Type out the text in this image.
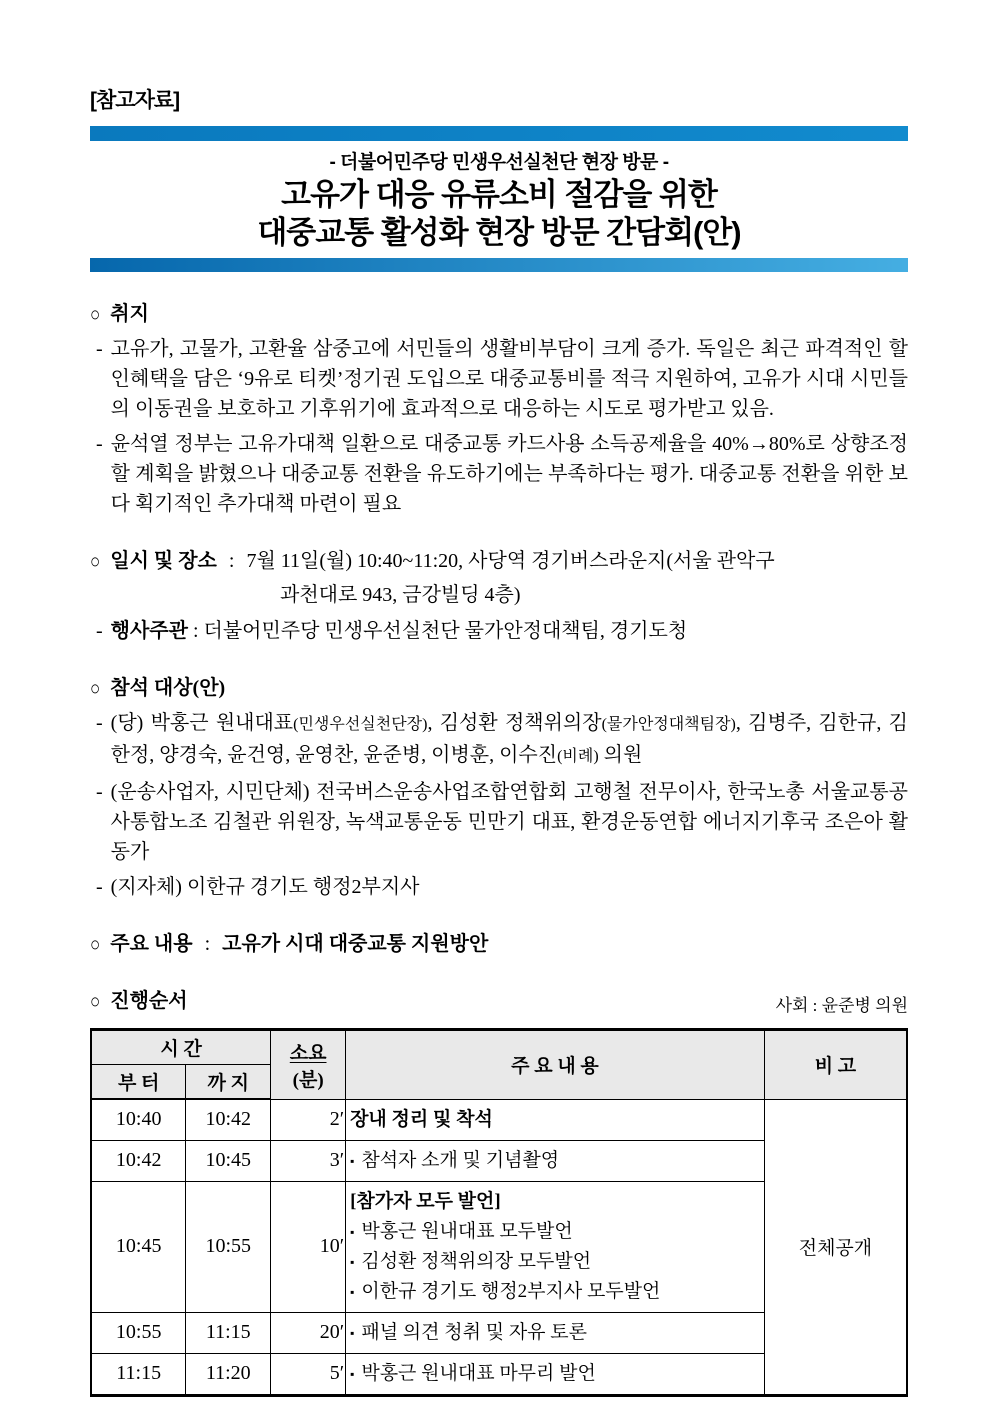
[참고자료]
- 더불어민주당 민생우선실천단 현장 방문 -
고유가 대응 유류소비 절감을 위한
대중교통 활성화 현장 방문 간담회(안)
○ 취지
- 고유가, 고물가, 고환율 삼중고에 서민들의 생활비부담이 크게 증가. 독일은 최근 파격적인 할인혜택을 담은 ‘9유로 티켓’정기권 도입으로 대중교통비를 적극 지원하여, 고유가 시대 시민들의 이동권을 보호하고 기후위기에 효과적으로 대응하는 시도로 평가받고 있음.

- 윤석열 정부는 고유가대책 일환으로 대중교통 카드사용 소득공제율을 40%→80%로 상향조정할 계획을 밝혔으나 대중교통 전환을 유도하기에는 부족하다는 평가. 대중교통 전환을 위한 보다 획기적인 추가대책 마련이 필요

○ 일시 및 장소 : 7월 11일(월) 10:40~11:20, 사당역 경기버스라운지(서울 관악구
과천대로 943, 금강빌딩 4층)
- 행사주관 : 더불어민주당 민생우선실천단 물가안정대책팀, 경기도청

○ 참석 대상(안)
- (당) 박홍근 원내대표(민생우선실천단장), 김성환 정책위의장(물가안정대책팀장), 김병주, 김한규, 김한정, 양경숙, 윤건영, 윤영찬, 윤준병, 이병훈, 이수진(비례) 의원

- (운송사업자, 시민단체) 전국버스운송사업조합연합회 고행철 전무이사, 한국노총 서울교통공사통합노조 김철관 위원장, 녹색교통운동 민만기 대표, 환경운동연합 에너지기후국 조은아 활동가

- (지자체) 이한규 경기도 행정2부지사

○ 주요 내용 : 고유가 시대 대중교통 지원방안
○ 진행순서	사회 : 윤준병 의원
시 간		소요
(분)	주 요 내 용	비 고
부 터	까 지			
10:40	10:42	2′	장내 정리 및 착석	전체공개
10:42	10:45	3′	▪ 참석자 소개 및 기념촬영	

10:45	10:55	10′	
[참가자 모두 발언]
▪ 박홍근 원내대표 모두발언
▪ 김성환 정책위의장 모두발언
▪ 이한규 경기도 행정2부지사 모두발언

10:55	11:15	20′	▪ 패널 의견 청취 및 자유 토론	

11:15	11:20	5′	▪ 박홍근 원내대표 마무리 발언	
